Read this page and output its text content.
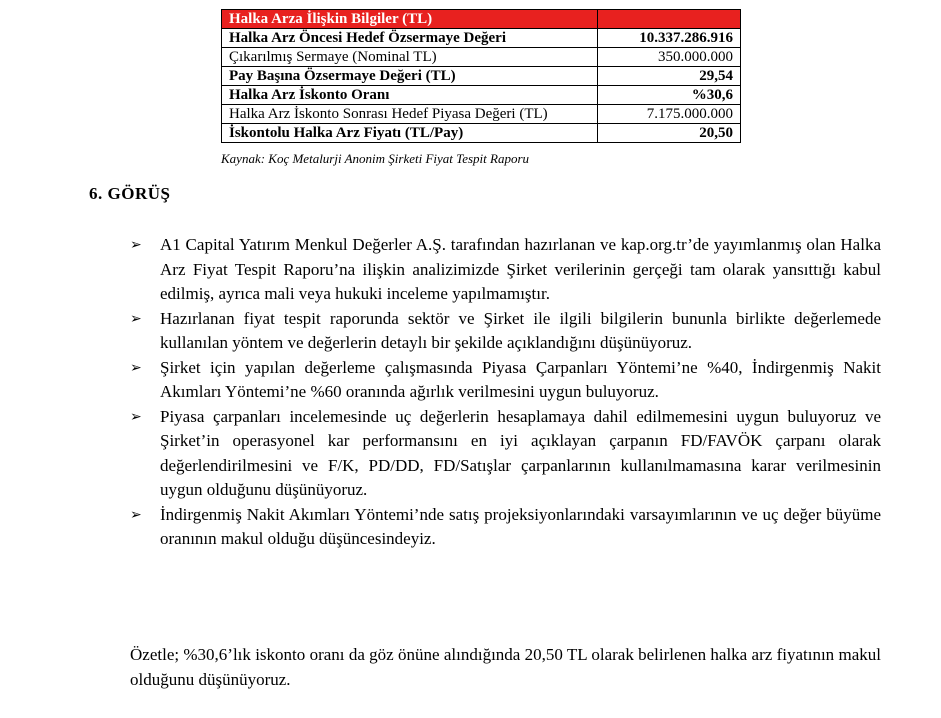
Halka Arza İlişkin Bilgiler (TL)	
Halka Arz Öncesi Hedef Özsermaye Değeri	10.337.286.916
Çıkarılmış Sermaye (Nominal TL)	350.000.000
Pay Başına Özsermaye Değeri (TL)	29,54
Halka Arz İskonto Oranı	%30,6
Halka Arz İskonto Sonrası Hedef Piyasa Değeri (TL)	7.175.000.000
İskontolu Halka Arz Fiyatı (TL/Pay)	20,50
Kaynak: Koç Metalurji Anonim Şirketi Fiyat Tespit Raporu
6. GÖRÜŞ
➢	A1 Capital Yatırım Menkul Değerler A.Ş. tarafından hazırlanan ve kap.org.tr’de yayımlanmış olan Halka Arz Fiyat Tespit Raporu’na ilişkin analizimizde Şirket verilerinin gerçeği tam olarak yansıttığı kabul edilmiş, ayrıca mali veya hukuki inceleme yapılmamıştır.
➢	Hazırlanan fiyat tespit raporunda sektör ve Şirket ile ilgili bilgilerin bununla birlikte değerlemede kullanılan yöntem ve değerlerin detaylı bir şekilde açıklandığını düşünüyoruz.
➢	Şirket için yapılan değerleme çalışmasında Piyasa Çarpanları Yöntemi’ne %40, İndirgenmiş Nakit Akımları Yöntemi’ne %60 oranında ağırlık verilmesini uygun buluyoruz.
➢	Piyasa çarpanları incelemesinde uç değerlerin hesaplamaya dahil edilmemesini uygun buluyoruz ve Şirket’in operasyonel kar performansını en iyi açıklayan çarpanın FD/FAVÖK çarpanı olarak değerlendirilmesini ve F/K, PD/DD, FD/Satışlar çarpanlarının kullanılmamasına karar verilmesinin uygun olduğunu düşünüyoruz.
➢	İndirgenmiş Nakit Akımları Yöntemi’nde satış projeksiyonlarındaki varsayımlarının ve uç değer büyüme oranının makul olduğu düşüncesindeyiz.

Özetle; %30,6’lık iskonto oranı da göz önüne alındığında 20,50 TL olarak belirlenen halka arz fiyatının makul olduğunu düşünüyoruz.
